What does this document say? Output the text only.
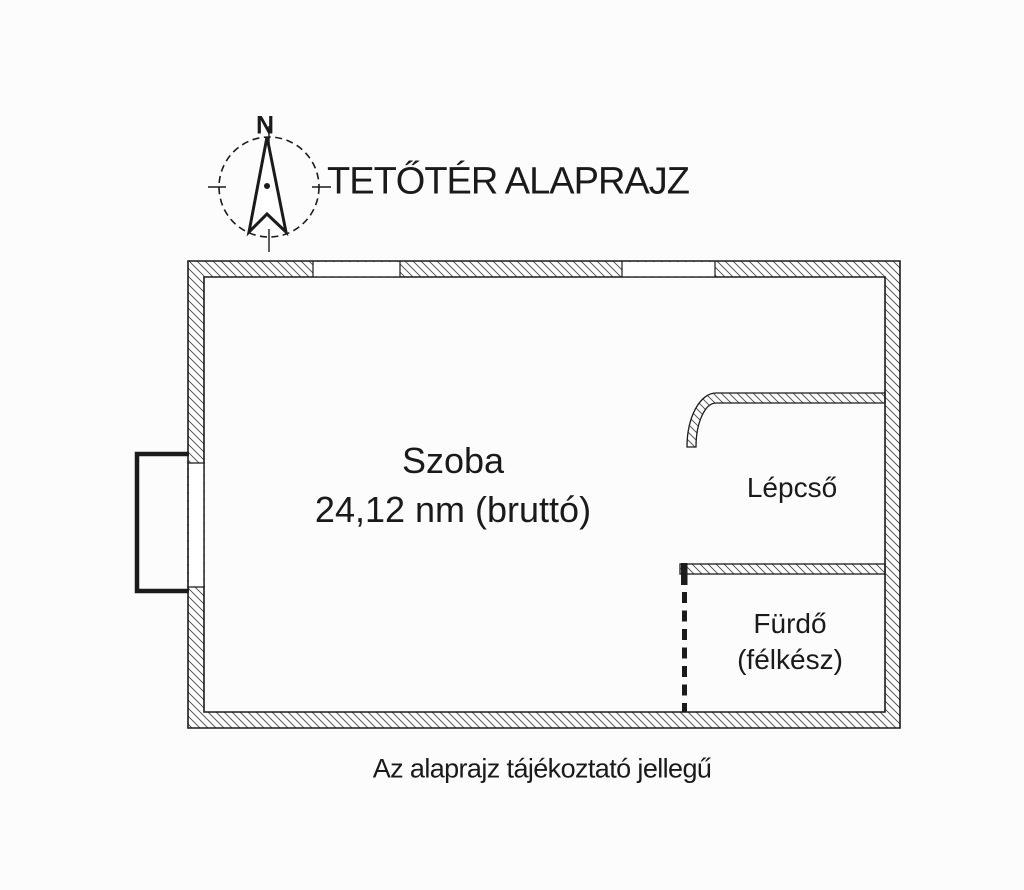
TETŐTÉR ALAPRAJZ
N
Szoba
24,12 nm (bruttó)
Lépcső
Fürdő
(félkész)
Az alaprajz tájékoztató jellegű
